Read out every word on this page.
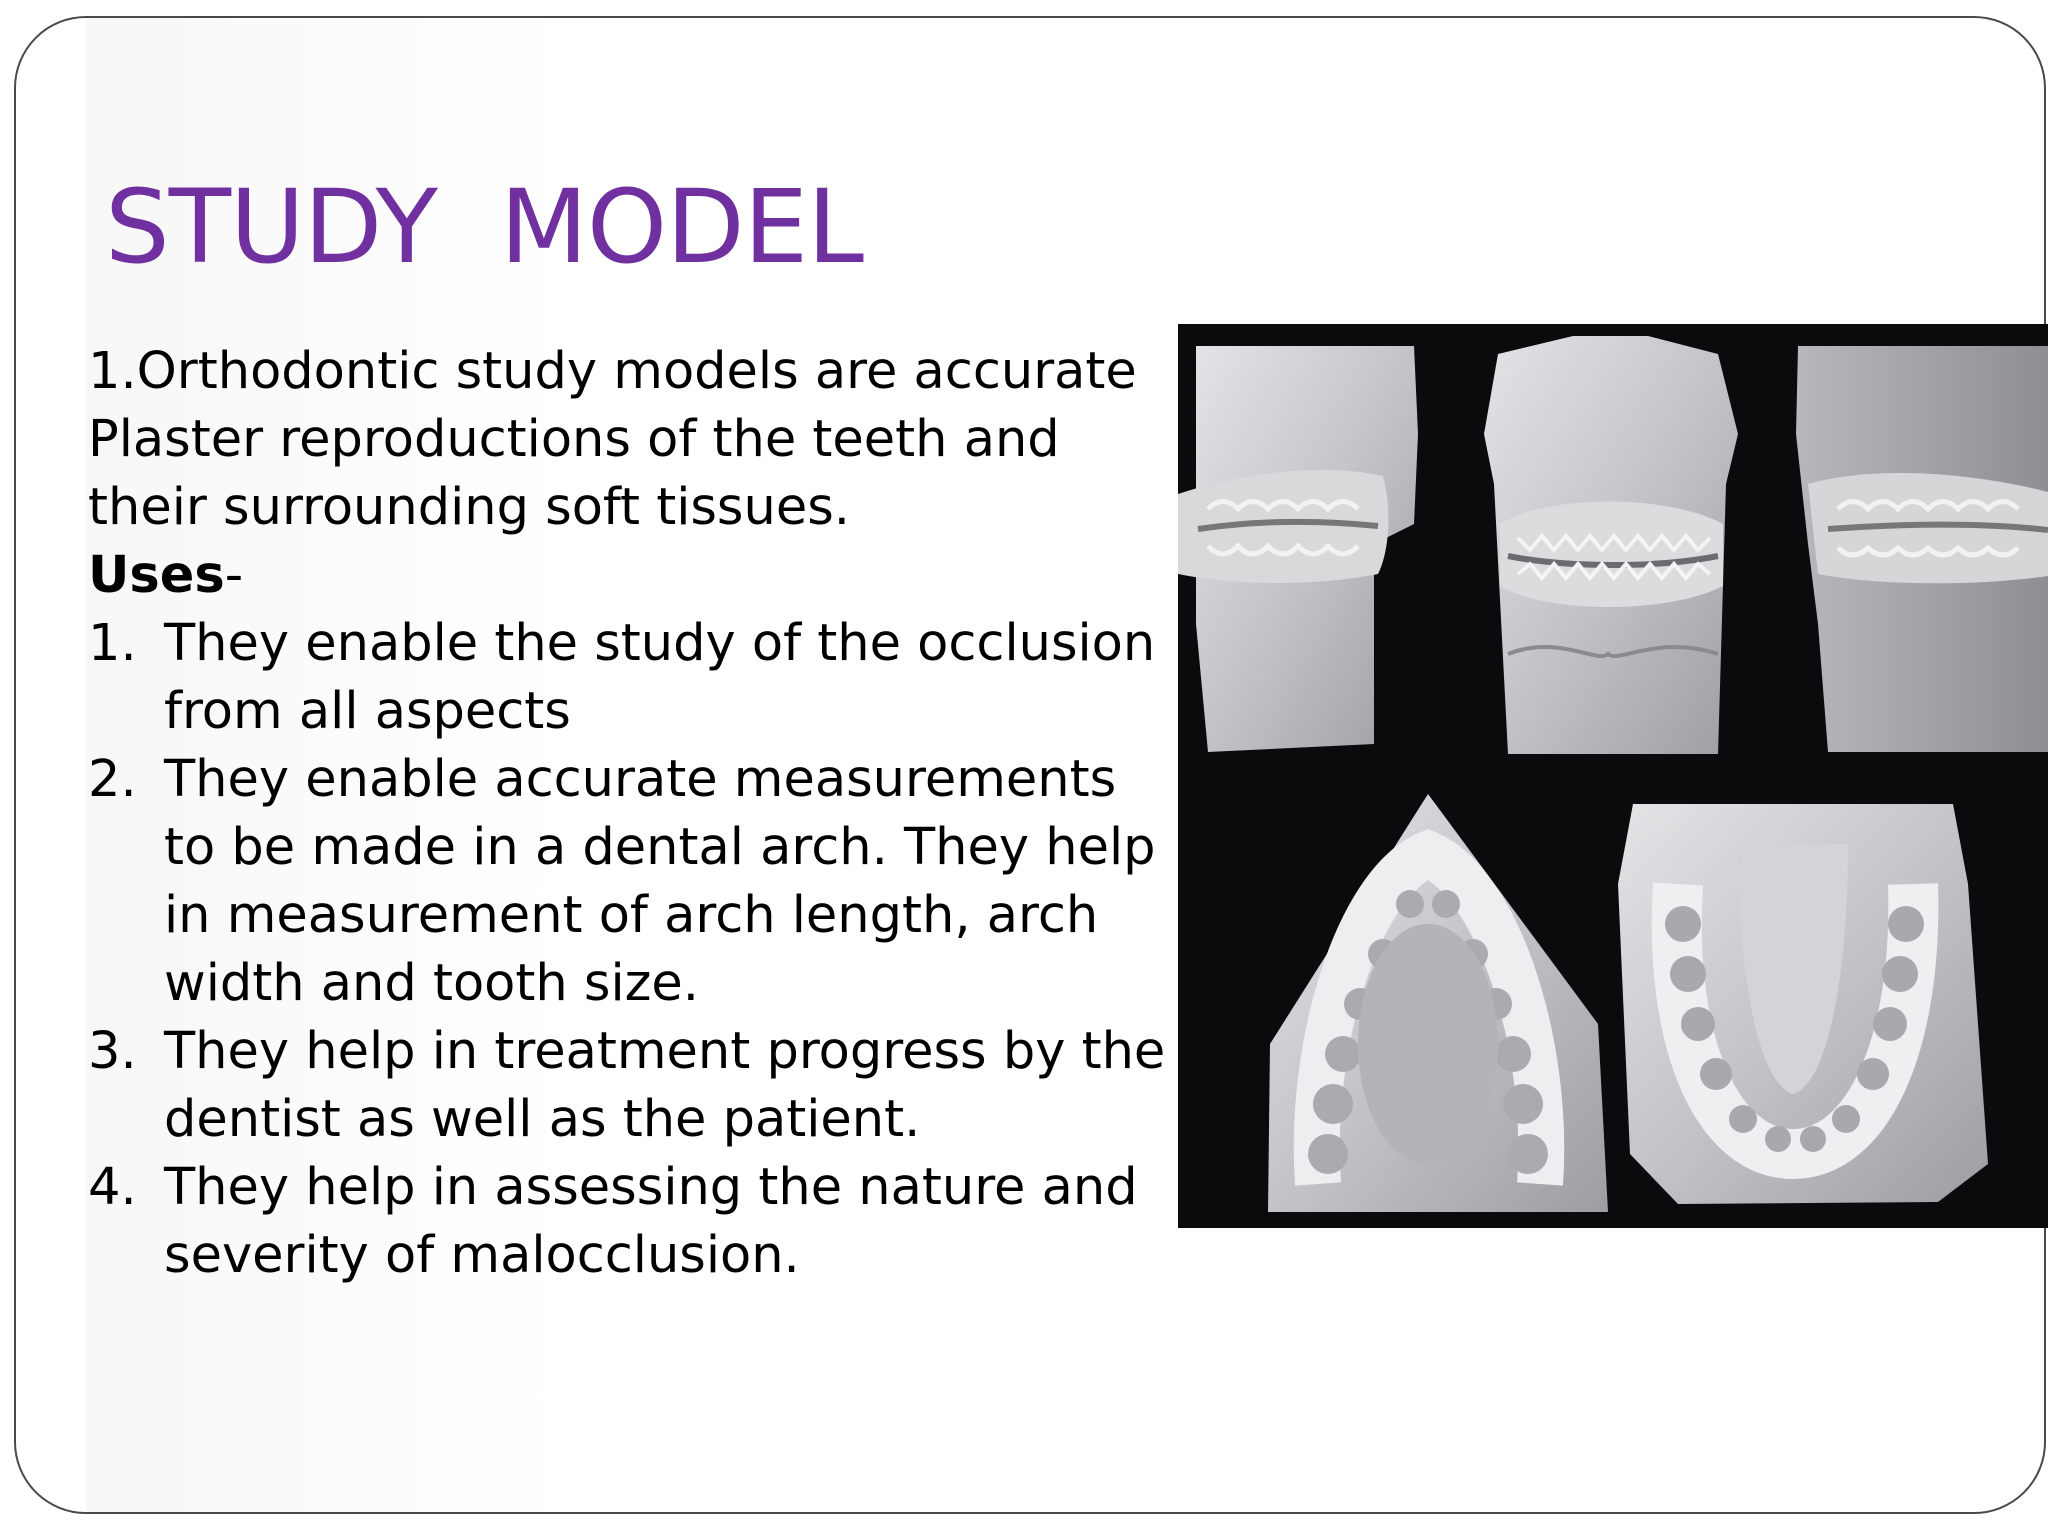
STUDY  MODEL

1.Orthodontic study models are accurate
Plaster reproductions of the teeth and
their surrounding soft tissues.

Uses-

1. They enable the study of the occlusion from all aspects
2. They enable accurate measurements to be made in a dental arch. They help in measurement of arch length, arch width and tooth size.
3. They help in treatment progress by the dentist as well as the patient.
4. They help in assessing the nature and severity of malocclusion.
